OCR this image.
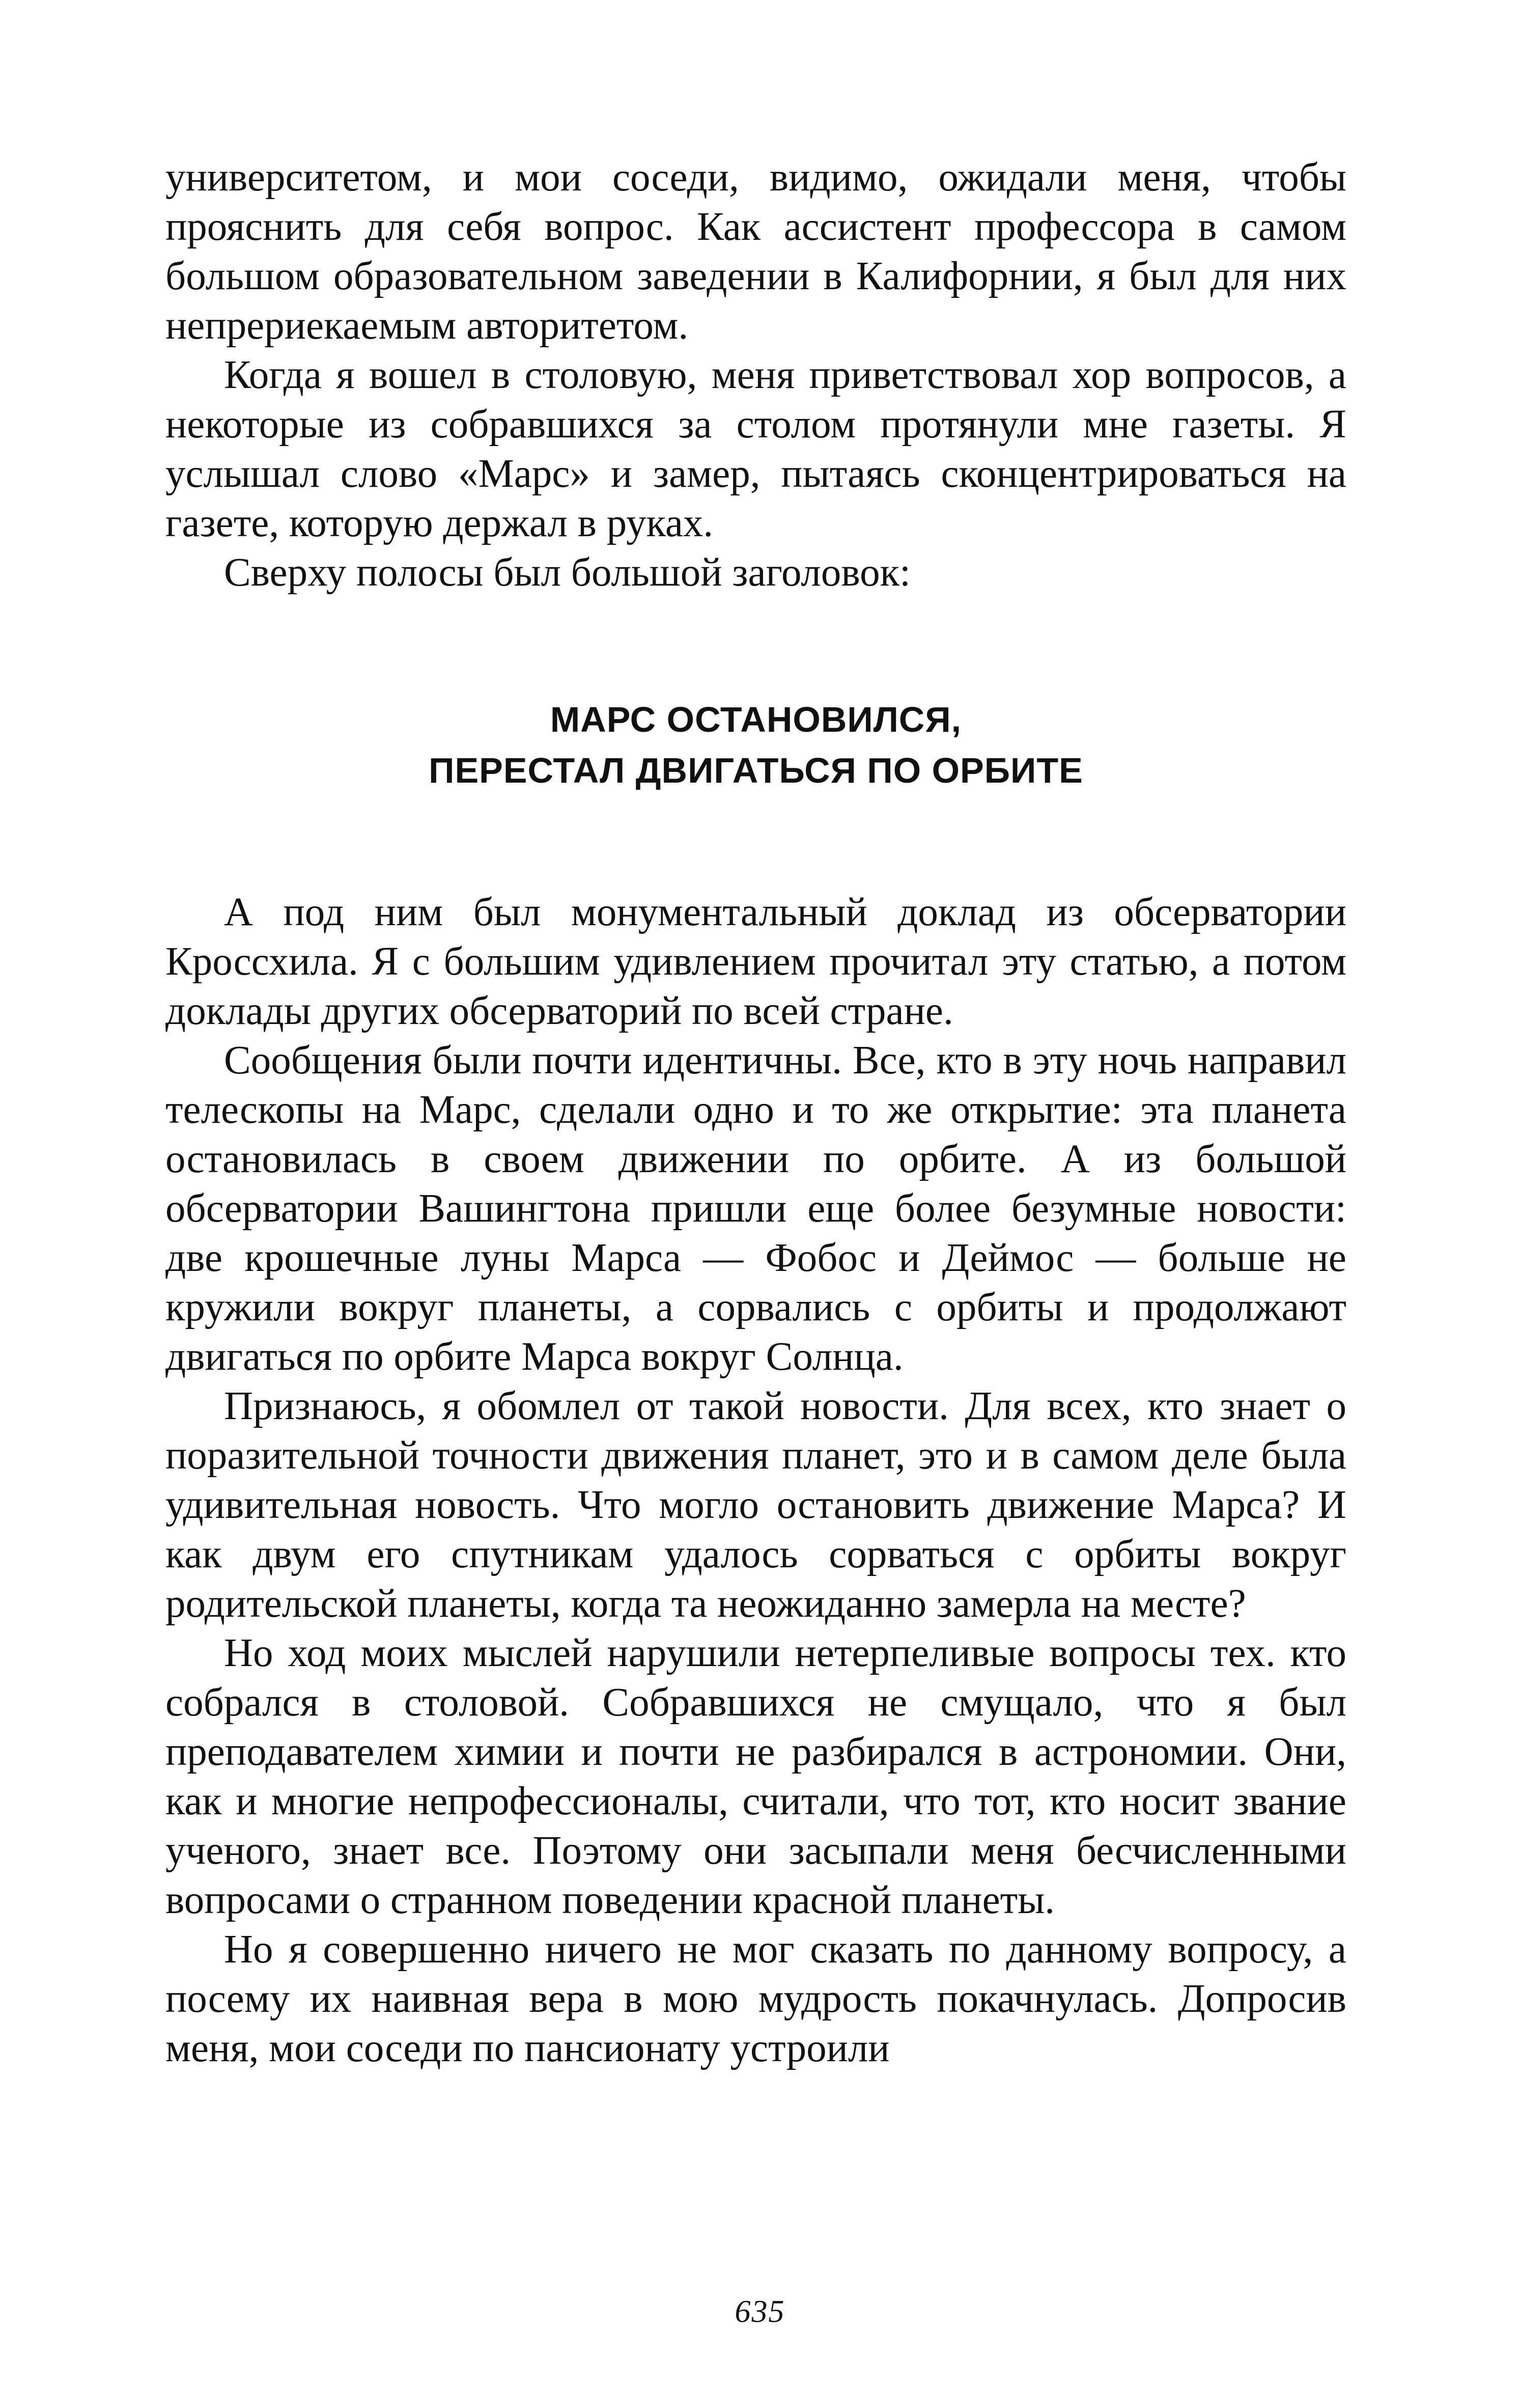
университетом, и мои соседи, видимо, ожидали меня, чтобы прояснить для себя вопрос. Как ассистент профессора в самом большом образовательном заведении в Калифорнии, я был для них непрериекаемым авторитетом.

Когда я вошел в столовую, меня приветствовал хор вопросов, а некоторые из собравшихся за столом протянули мне газеты. Я услышал слово «Марс» и замер, пытаясь сконцентрироваться на газете, которую держал в руках.

Сверху полосы был большой заголовок:

МАРС ОСТАНОВИЛСЯ,
ПЕРЕСТАЛ ДВИГАТЬСЯ ПО ОРБИТЕ

А под ним был монументальный доклад из обсерватории Кроссхила. Я с большим удивлением прочитал эту статью, а потом доклады других обсерваторий по всей стране.

Сообщения были почти идентичны. Все, кто в эту ночь направил телескопы на Марс, сделали одно и то же открытие: эта планета остановилась в своем движении по орбите. А из большой обсерватории Вашингтона пришли еще более безумные новости: две крошечные луны Марса — Фобос и Деймос — больше не кружили вокруг планеты, а сорвались с орбиты и продолжают двигаться по орбите Марса вокруг Солнца.

Признаюсь, я обомлел от такой новости. Для всех, кто знает о поразительной точности движения планет, это и в самом деле была удивительная новость. Что могло остановить движение Марса? И как двум его спутникам удалось сорваться с орбиты вокруг родительской планеты, когда та неожиданно замерла на месте?

Но ход моих мыслей нарушили нетерпеливые вопросы тех. кто собрался в столовой. Собравшихся не смущало, что я был преподавателем химии и почти не разбирался в астрономии. Они, как и многие непрофессионалы, считали, что тот, кто носит звание ученого, знает все. Поэтому они засыпали меня бесчисленными вопросами о странном поведении красной планеты.

Но я совершенно ничего не мог сказать по данному вопросу, а посему их наивная вера в мою мудрость покачнулась. Допросив меня, мои соседи по пансионату устроили

635
